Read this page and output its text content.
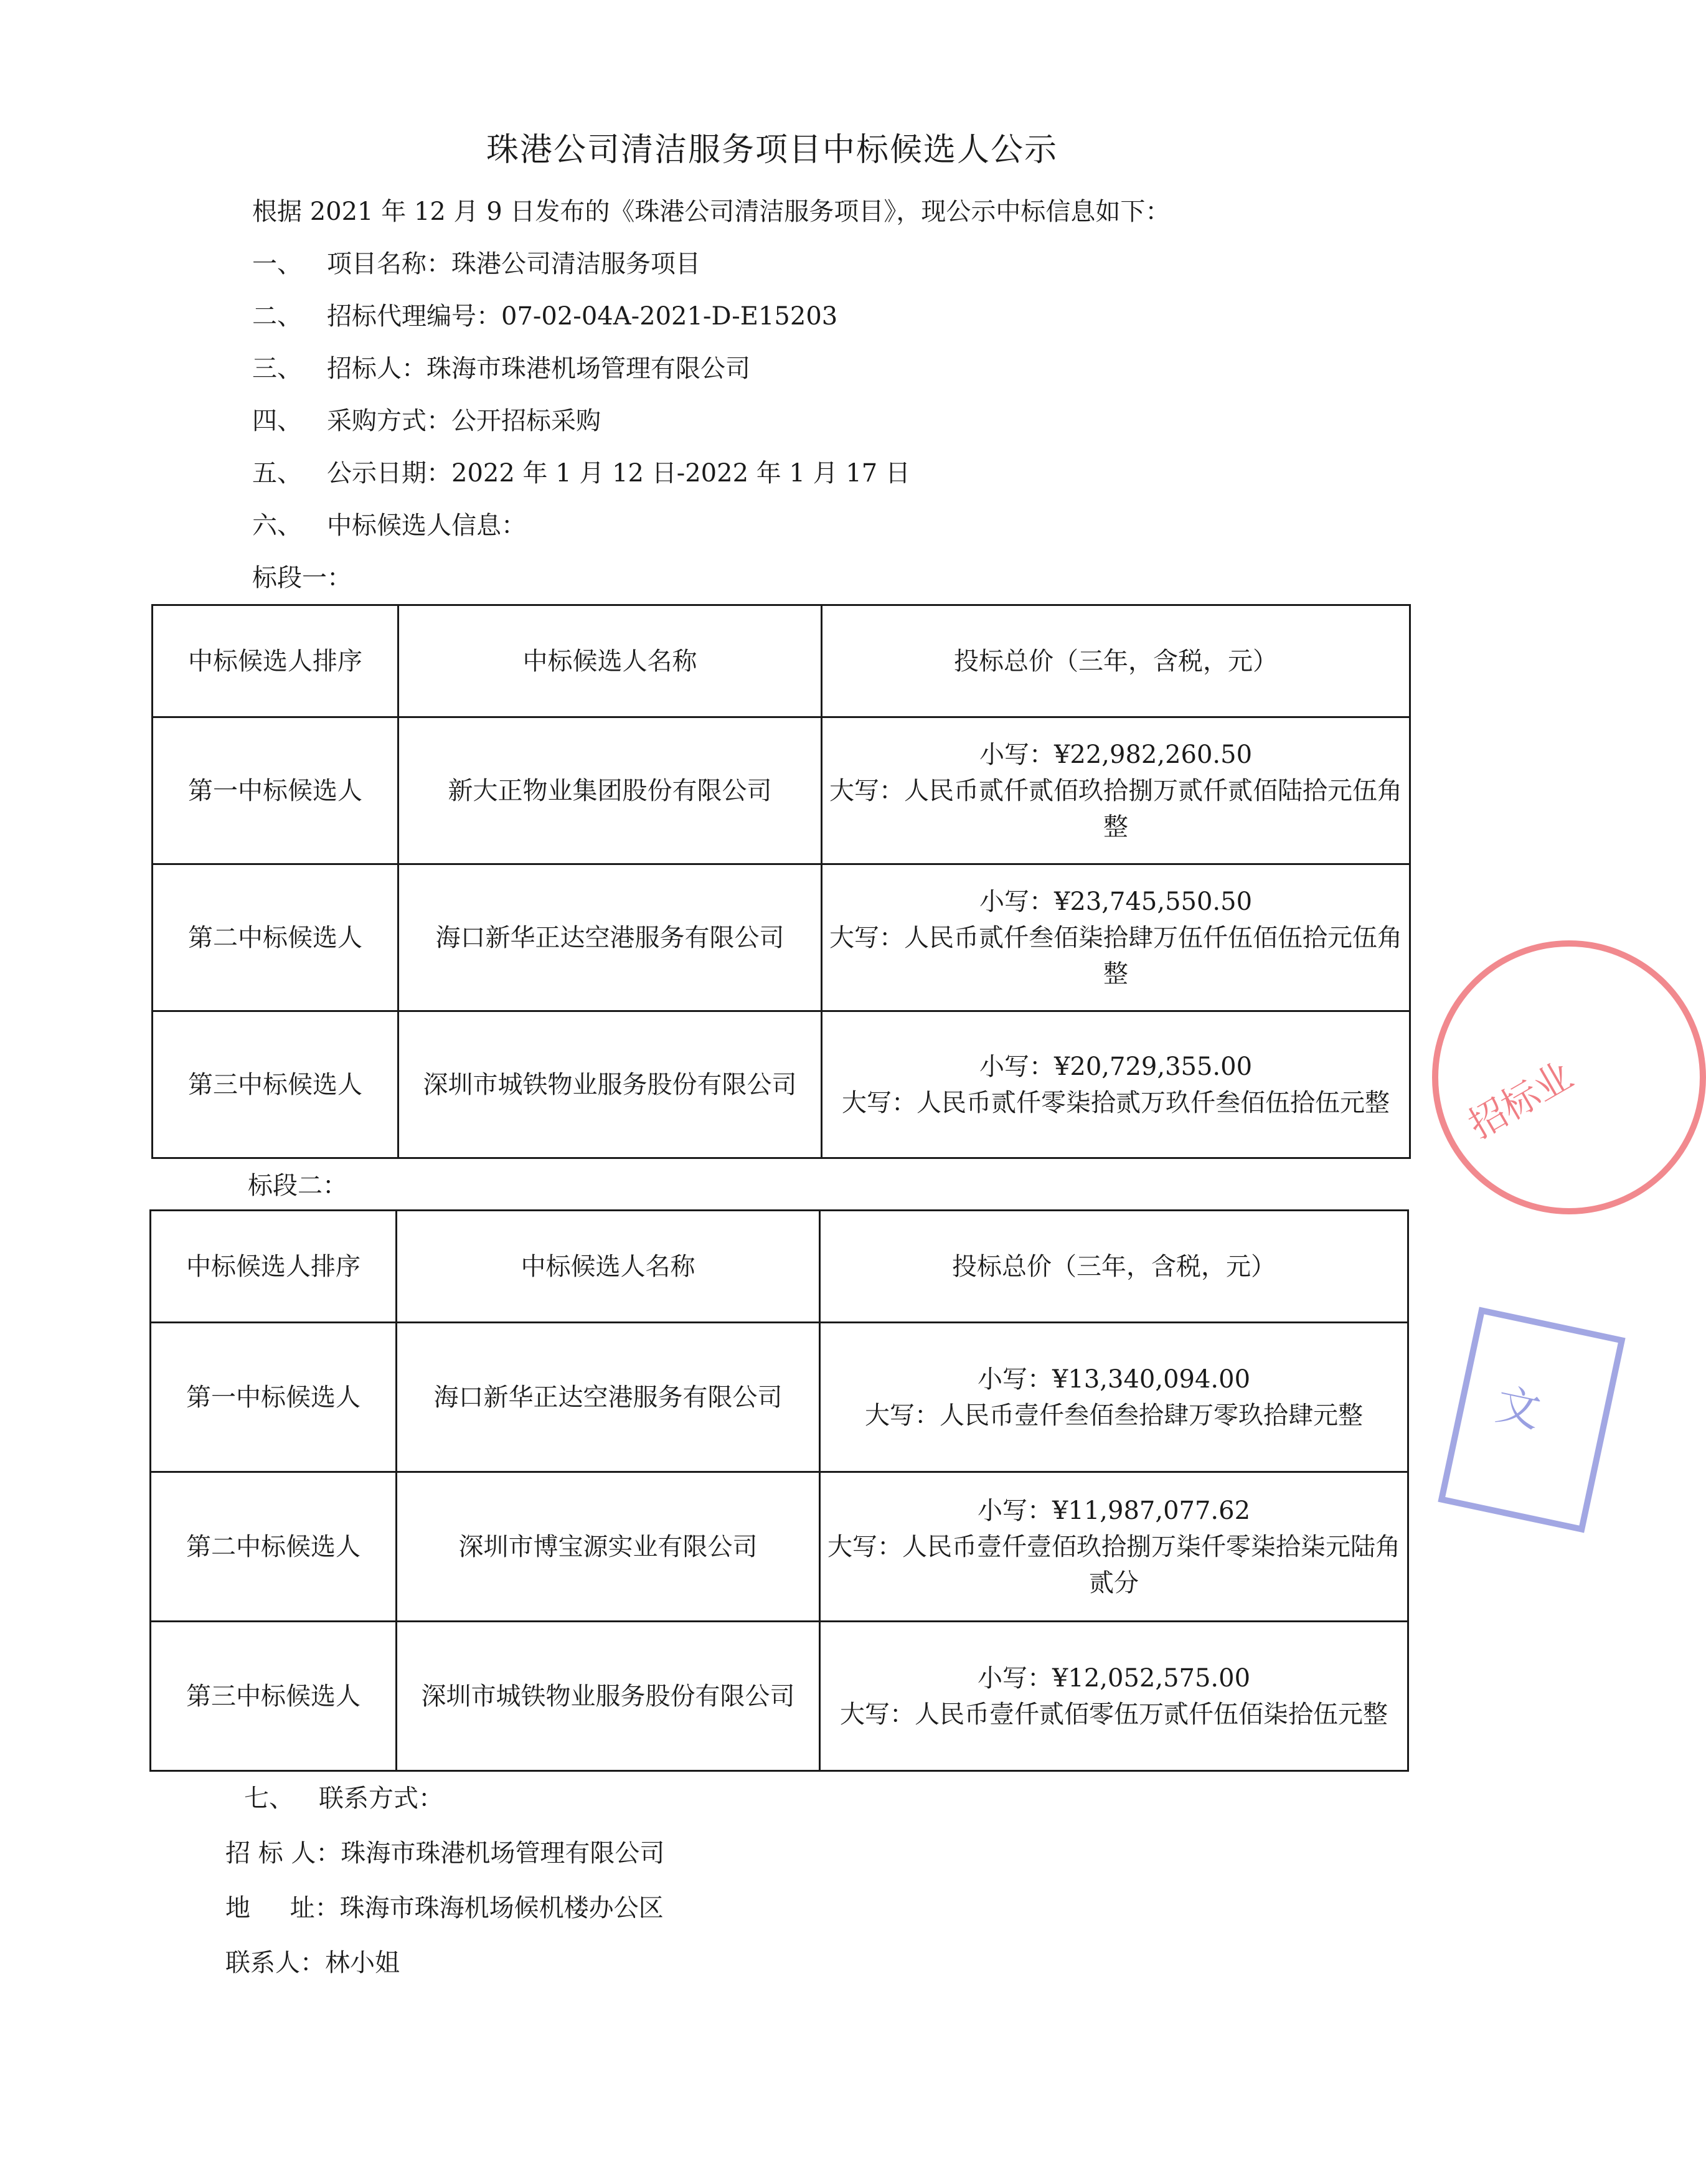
珠港公司清洁服务项目中标候选人公示
根据 2021 年 12 月 9 日发布的《珠港公司清洁服务项目》，现公示中标信息如下：
一、 项目名称：珠港公司清洁服务项目
二、 招标代理编号：07-02-04A-2021-D-E15203
三、 招标人：珠海市珠港机场管理有限公司
四、 采购方式：公开招标采购
五、 公示日期：2022 年 1 月 12 日-2022 年 1 月 17 日
六、 中标候选人信息：
标段一：
中标候选人排序	中标候选人名称	投标总价（三年，含税，元）
第一中标候选人	新大正物业集团股份有限公司	小写：¥22,982,260.50
大写：人民币贰仟贰佰玖拾捌万贰仟贰佰陆拾元伍角整

第二中标候选人	海口新华正达空港服务有限公司	小写：¥23,745,550.50
大写：人民币贰仟叁佰柒拾肆万伍仟伍佰伍拾元伍角整

第三中标候选人	深圳市城铁物业服务股份有限公司	小写：¥20,729,355.00
大写：人民币贰仟零柒拾贰万玖仟叁佰伍拾伍元整
标段二：
中标候选人排序	中标候选人名称	投标总价（三年，含税，元）
第一中标候选人	海口新华正达空港服务有限公司	小写：¥13,340,094.00
大写：人民币壹仟叁佰叁拾肆万零玖拾肆元整

第二中标候选人	深圳市博宝源实业有限公司	小写：¥11,987,077.62
大写：人民币壹仟壹佰玖拾捌万柒仟零柒拾柒元陆角贰分

第三中标候选人	深圳市城铁物业服务股份有限公司	小写：¥12,052,575.00
大写：人民币壹仟贰佰零伍万贰仟伍佰柒拾伍元整
七、 联系方式：
招 标 人：珠海市珠港机场管理有限公司
地     址：珠海市珠海机场候机楼办公区
联系人：林小姐
招标业
文
